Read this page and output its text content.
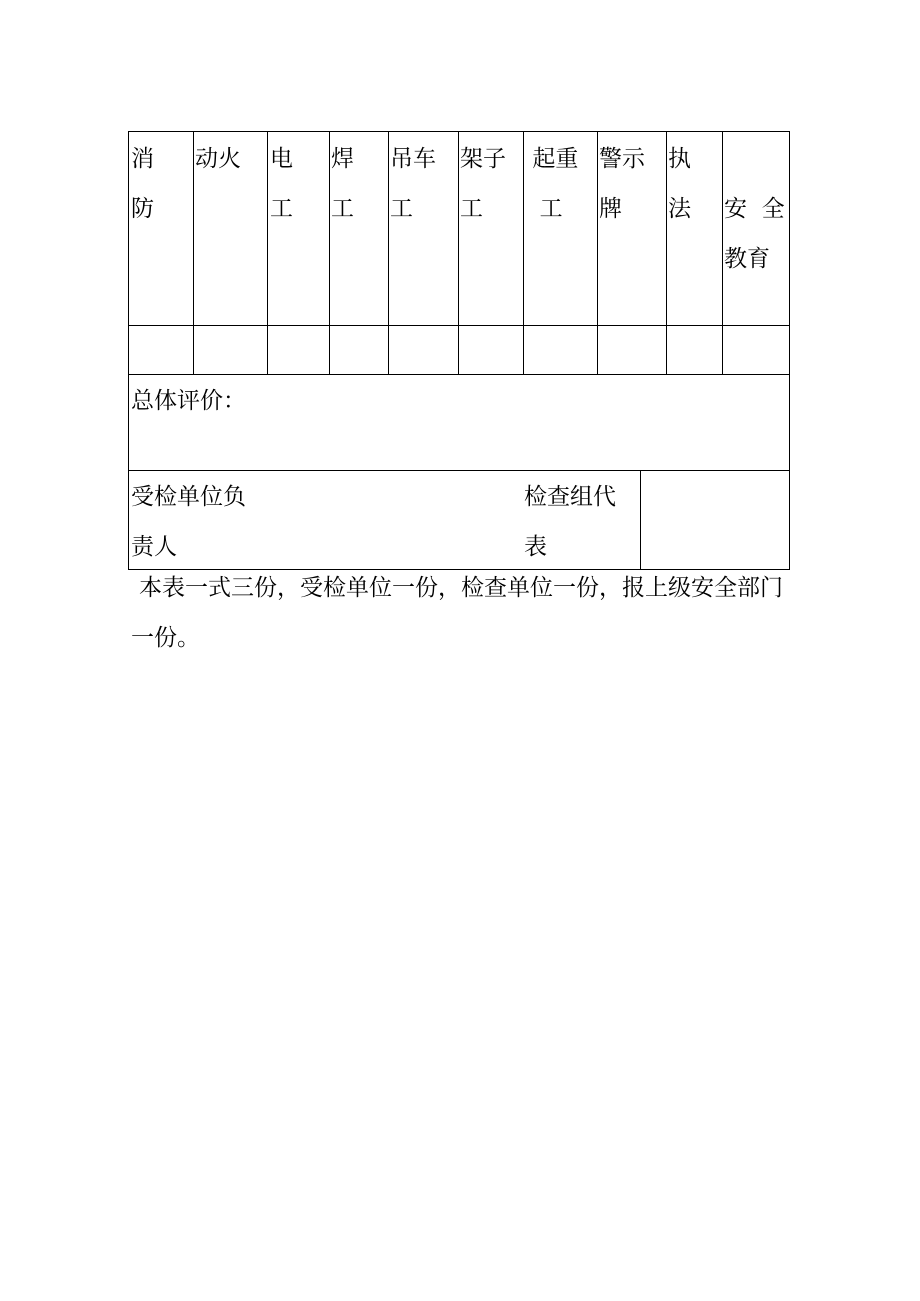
消
防
动火	电
工
焊
工
吊车
工
架子
工
起重
工
警示
牌
执
法	
安  全
教育
总体评价：
受检单位负
责人
检查组代
表
本表一式三份，受检单位一份，检查单位一份，报上级安全部门一份。
